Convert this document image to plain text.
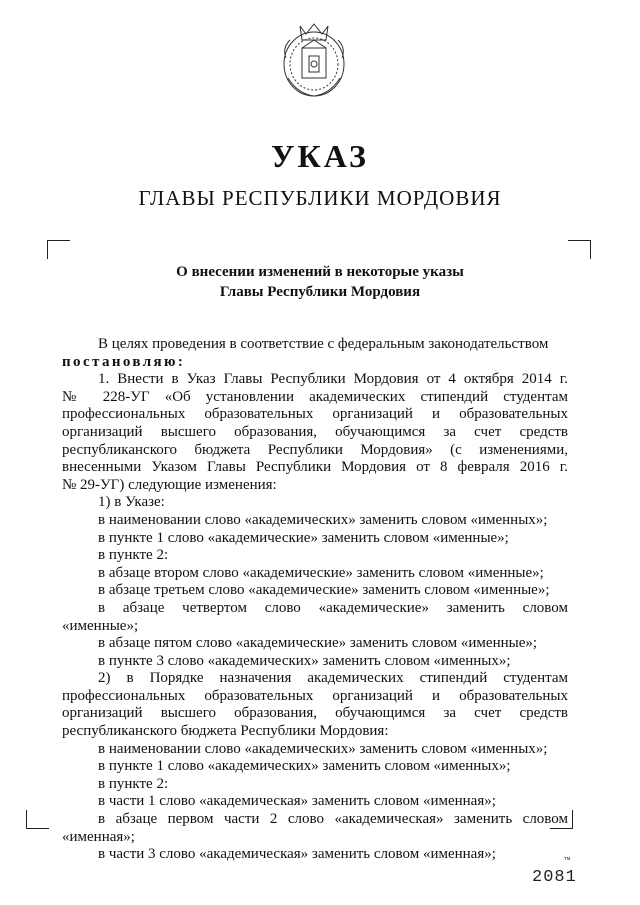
УКАЗ
ГЛАВЫ РЕСПУБЛИКИ МОРДОВИЯ
О внесении изменений в некоторые указы
Главы Республики Мордовия
В целях проведения в соответствие с федеральным законодательством
постановляю:
1. Внести в Указ Главы Республики Мордовия от 4 октября 2014 г.
№ 228-УГ «Об установлении академических стипендий студентам
профессиональных образовательных организаций и образовательных
организаций высшего образования, обучающимся за счет средств
республиканского бюджета Республики Мордовия» (с изменениями,
внесенными Указом Главы Республики Мордовия от 8 февраля 2016 г.
№ 29-УГ) следующие изменения:
1) в Указе:
в наименовании слово «академических» заменить словом «именных»;
в пункте 1 слово «академические» заменить словом «именные»;
в пункте 2:
в абзаце втором слово «академические» заменить словом «именные»;
в абзаце третьем слово «академические» заменить словом «именные»;
в абзаце четвертом слово «академические» заменить словом
«именные»;
в абзаце пятом слово «академические» заменить словом «именные»;
в пункте 3 слово «академических» заменить словом «именных»;
2) в Порядке назначения академических стипендий студентам
профессиональных образовательных организаций и образовательных
организаций высшего образования, обучающимся за счет средств
республиканского бюджета Республики Мордовия:
в наименовании слово «академических» заменить словом «именных»;
в пункте 1 слово «академических» заменить словом «именных»;
в пункте 2:
в части 1 слово «академическая» заменить словом «именная»;
в абзаце первом части 2 слово «академическая» заменить словом
«именная»;
в части 3 слово «академическая» заменить словом «именная»;	тм
2081
